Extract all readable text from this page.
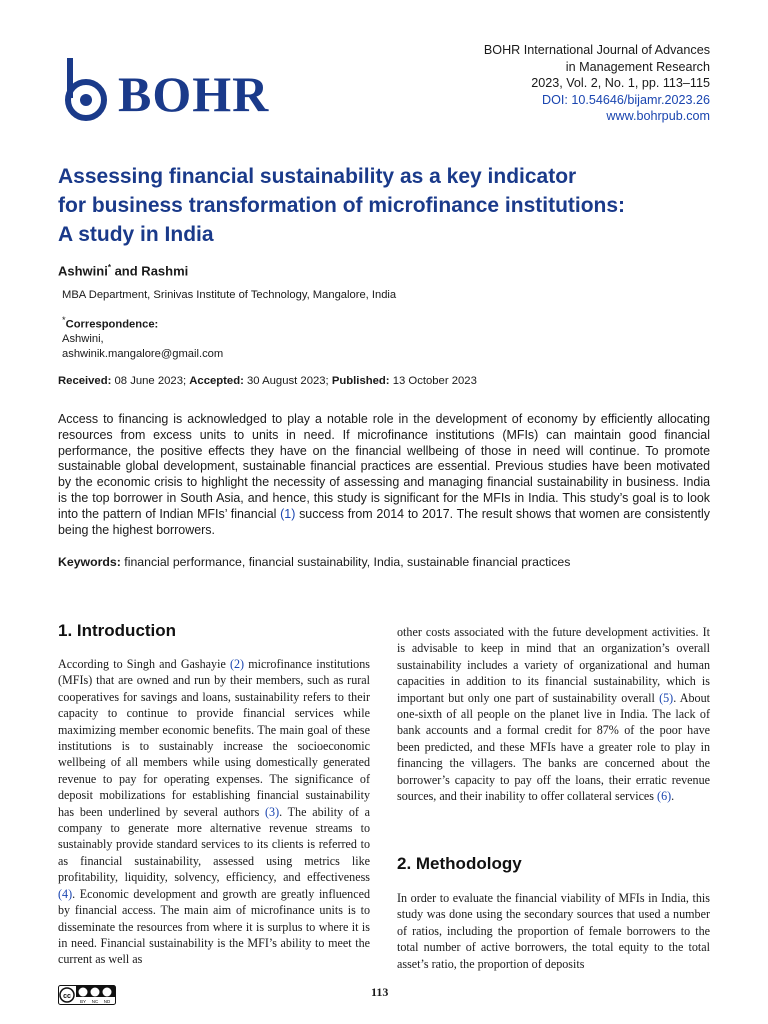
BOHR
BOHR International Journal of Advances
in Management Research
2023, Vol. 2, No. 1, pp. 113–115
DOI: 10.54646/bijamr.2023.26
www.bohrpub.com
Assessing financial sustainability as a key indicator
for business transformation of microfinance institutions:
A study in India
Ashwini* and Rashmi
MBA Department, Srinivas Institute of Technology, Mangalore, India
*Correspondence:
Ashwini,
ashwinik.mangalore@gmail.com
Received: 08 June 2023; Accepted: 30 August 2023; Published: 13 October 2023
Access to financing is acknowledged to play a notable role in the development of economy by efficiently allocating resources from excess units to units in need. If microfinance institutions (MFIs) can maintain good financial performance, the positive effects they have on the financial wellbeing of those in need will continue. To promote sustainable global development, sustainable financial practices are essential. Previous studies have been motivated by the economic crisis to highlight the necessity of assessing and managing financial sustainability in business. India is the top borrower in South Asia, and hence, this study is significant for the MFIs in India. This study’s goal is to look into the pattern of Indian MFIs’ financial (1) success from 2014 to 2017. The result shows that women are consistently being the highest borrowers.
Keywords: financial performance, financial sustainability, India, sustainable financial practices
1. Introduction
According to Singh and Gashayie (2) microfinance institutions (MFIs) that are owned and run by their members, such as rural cooperatives for savings and loans, sustainability refers to their capacity to continue to provide financial services while maximizing member economic benefits. The main goal of these institutions is to sustainably increase the socioeconomic wellbeing of all members while using domestically generated revenue to pay for operating expenses. The significance of deposit mobilizations for establishing financial sustainability has been underlined by several authors (3). The ability of a company to generate more alternative revenue streams to sustainably provide standard services to its clients is referred to as financial sustainability, assessed using metrics like profitability, liquidity, solvency, efficiency, and effectiveness (4). Economic development and growth are greatly influenced by financial access. The main aim of microfinance units is to disseminate the resources from where it is surplus to where it is in need. Financial sustainability is the MFI’s ability to meet the current as well as
other costs associated with the future development activities. It is advisable to keep in mind that an organization’s overall sustainability includes a variety of organizational and human capacities in addition to its financial sustainability, which is important but only one part of sustainability overall (5). About one-sixth of all people on the planet live in India. The lack of bank accounts and a formal credit for 87% of the poor have been predicted, and these MFIs have a greater role to play in financing the villagers. The banks are concerned about the borrower’s capacity to pay off the loans, their erratic revenue sources, and their inability to offer collateral services (6).
2. Methodology
In order to evaluate the financial viability of MFIs in India, this study was done using the secondary sources that used a number of ratios, including the proportion of female borrowers to the total number of active borrowers, the total equity to the total asset’s ratio, the proportion of deposits
cc
BY NC ND
113
